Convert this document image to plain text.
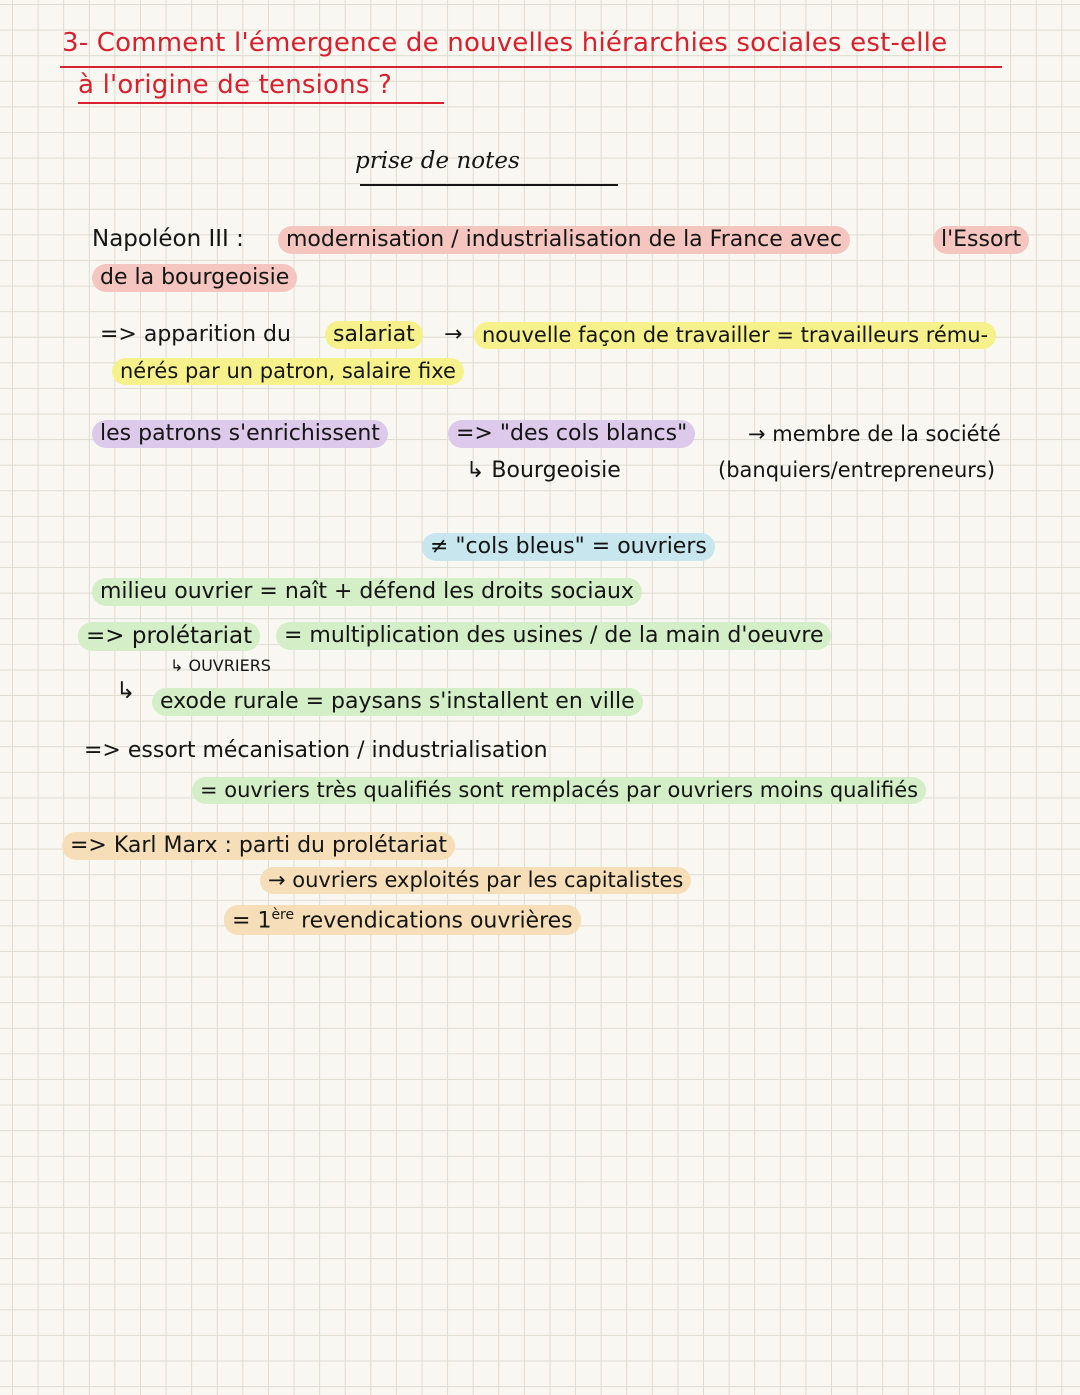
3- Comment l'émergence de nouvelles hiérarchies sociales est-elle
à l'origine de tensions ?
prise de notes
Napoléon III :	modernisation / industrialisation de la France avec	l'Essort
de la bourgeoisie
=> apparition du	salariat	→ nouvelle façon de travailler = travailleurs rému-
nérés par un patron, salaire fixe
les patrons s'enrichissent	=> "des cols blancs"	→ membre de la société
↳ Bourgeoisie	(banquiers/entrepreneurs)
≠ "cols bleus" = ouvriers
milieu ouvrier = naît + défend les droits sociaux
=> prolétariat	= multiplication des usines / de la main d'oeuvre
↳ OUVRIERS
↳	exode rurale = paysans s'installent en ville
=> essort mécanisation / industrialisation
= ouvriers très qualifiés sont remplacés par ouvriers moins qualifiés
=> Karl Marx : parti du prolétariat
→ ouvriers exploités par les capitalistes
= 1ère revendications ouvrières
